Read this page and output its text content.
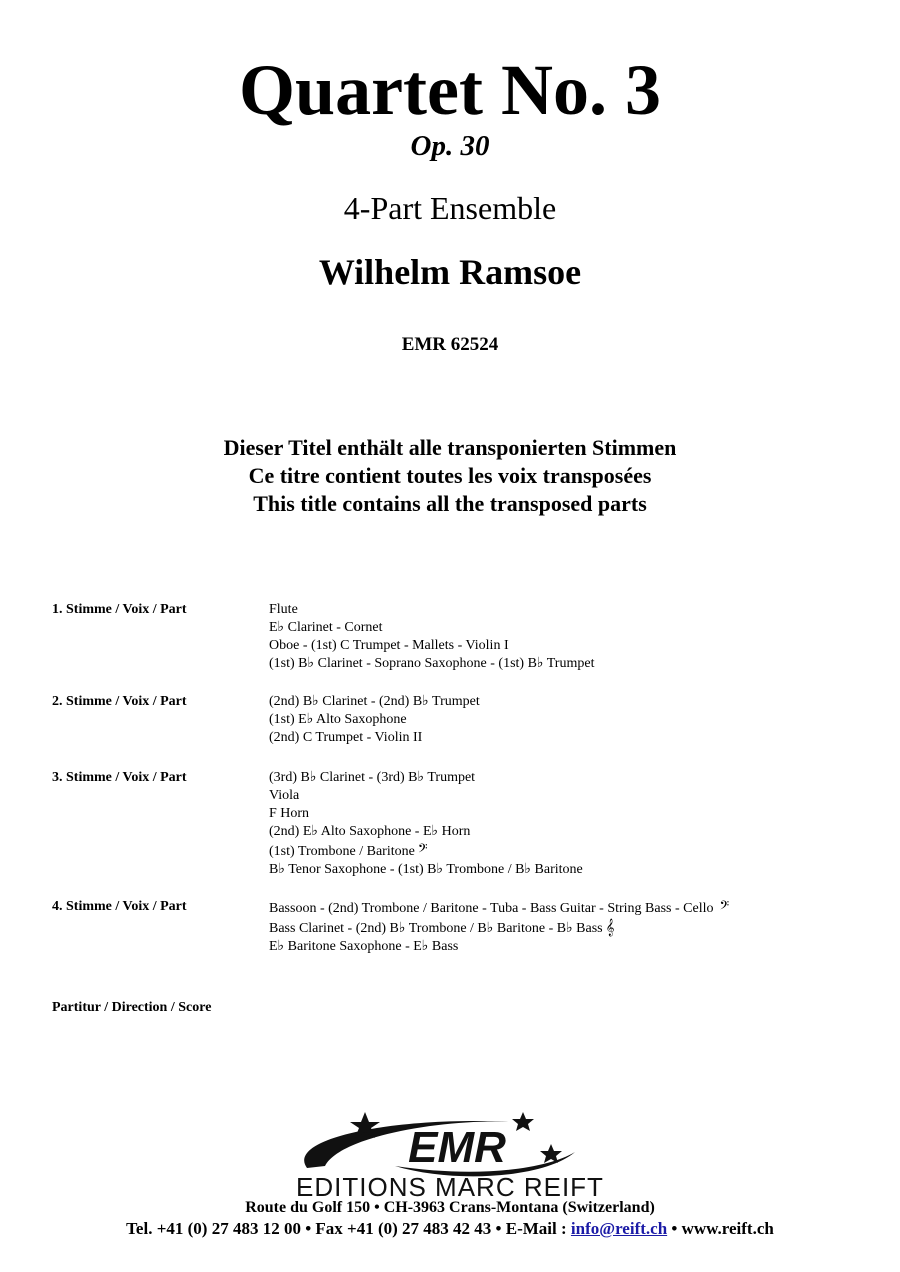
Quartet No. 3
Op. 30
4-Part Ensemble
Wilhelm Ramsoe
EMR 62524
Dieser Titel enthält alle transponierten Stimmen
Ce titre contient toutes les voix transposées
This title contains all the transposed parts
1. Stimme / Voix / Part	Flute
E♭ Clarinet - Cornet
Oboe - (1st) C Trumpet - Mallets - Violin I
(1st) B♭ Clarinet - Soprano Saxophone - (1st) B♭ Trumpet
2. Stimme / Voix / Part	(2nd) B♭ Clarinet - (2nd) B♭ Trumpet
(1st) E♭ Alto Saxophone
(2nd) C Trumpet - Violin II
3. Stimme / Voix / Part	(3rd) B♭ Clarinet - (3rd) B♭ Trumpet
Viola
F Horn
(2nd) E♭ Alto Saxophone - E♭ Horn
(1st) Trombone / Baritone 𝄢
B♭ Tenor Saxophone - (1st) B♭ Trombone / B♭ Baritone
4. Stimme / Voix / Part	Bassoon - (2nd) Trombone / Baritone - Tuba - Bass Guitar - String Bass - Cello 𝄢
Bass Clarinet - (2nd) B♭ Trombone / B♭ Baritone - B♭ Bass 𝄞
E♭ Baritone Saxophone - E♭ Bass
Partitur / Direction / Score
EMR
EDITIONS MARC REIFT
Route du Golf 150 • CH-3963 Crans-Montana (Switzerland)
Tel. +41 (0) 27 483 12 00 • Fax +41 (0) 27 483 42 43 • E-Mail : info@reift.ch • www.reift.ch
